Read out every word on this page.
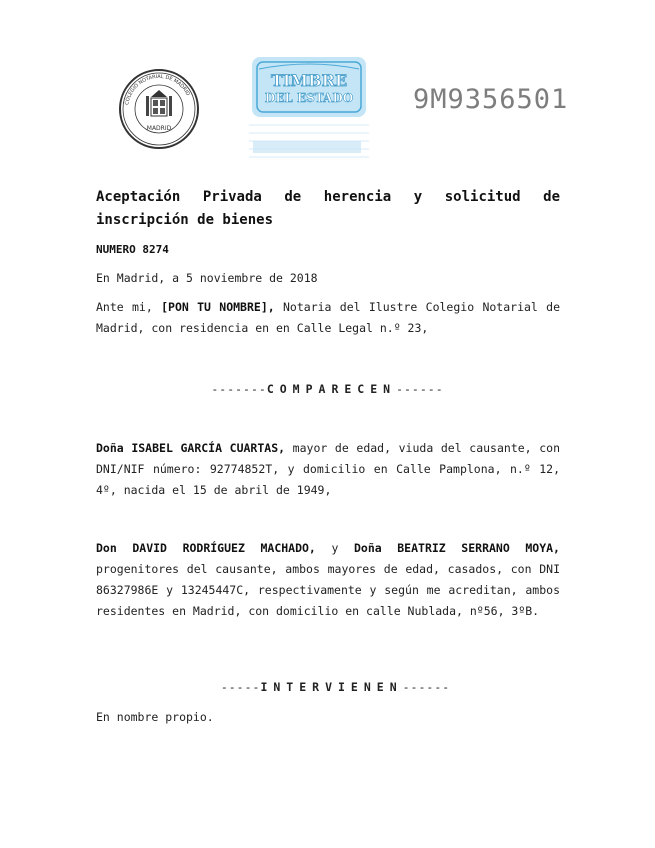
COLEGIO NOTARIAL DE MADRID
MADRID
TIMBRE
DEL ESTADO 9M9356501
Aceptación Privada de herencia y solicitud de inscripción de bienes
NUMERO 8274
En Madrid, a 5 noviembre de 2018
Ante mi, [PON TU NOMBRE], Notaria del Ilustre Colegio Notarial de Madrid, con residencia en en Calle Legal n.º 23,
-------COMPARECEN------
Doña ISABEL GARCÍA CUARTAS, mayor de edad, viuda del causante, con DNI/NIF número: 92774852T, y domicilio en Calle Pamplona, n.º 12, 4º, nacida el 15 de abril de 1949,
Don DAVID RODRÍGUEZ MACHADO, y Doña BEATRIZ SERRANO MOYA, progenitores del causante, ambos mayores de edad, casados, con DNI 86327986E y 13245447C, respectivamente y según me acreditan, ambos residentes en Madrid, con domicilio en calle Nublada, nº56, 3ºB.
-----INTERVIENEN------
En nombre propio.
